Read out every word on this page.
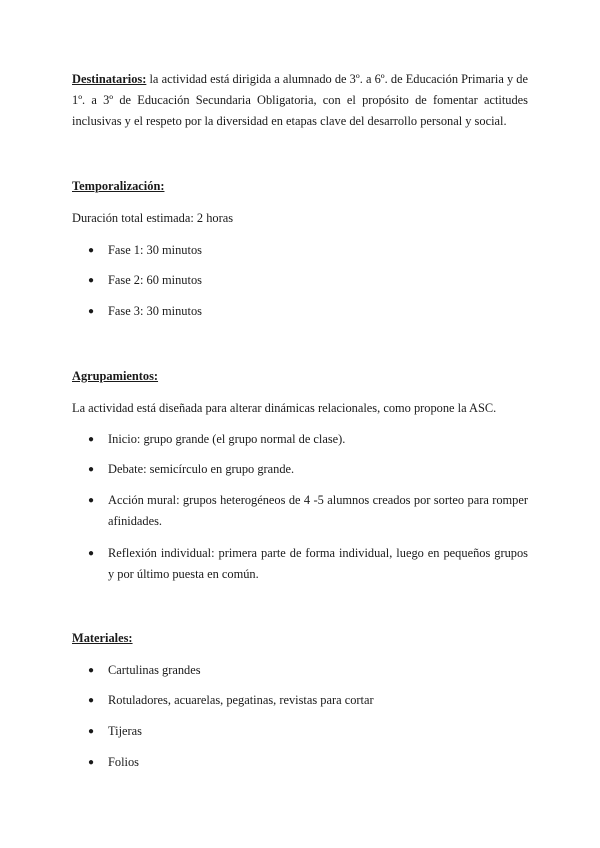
Destinatarios: la actividad está dirigida a alumnado de 3º. a 6º. de Educación Primaria y de 1º. a 3º de Educación Secundaria Obligatoria, con el propósito de fomentar actitudes inclusivas y el respeto por la diversidad en etapas clave del desarrollo personal y social.

Temporalización:

Duración total estimada: 2 horas

● Fase 1: 30 minutos
● Fase 2: 60 minutos
● Fase 3: 30 minutos

Agrupamientos:

La actividad está diseñada para alterar dinámicas relacionales, como propone la ASC.

● Inicio: grupo grande (el grupo normal de clase).
● Debate: semicírculo en grupo grande.
● Acción mural: grupos heterogéneos de 4 -5 alumnos creados por sorteo para romper afinidades.
● Reflexión individual: primera parte de forma individual, luego en pequeños grupos y por último puesta en común.

Materiales:

● Cartulinas grandes
● Rotuladores, acuarelas, pegatinas, revistas para cortar
● Tijeras
● Folios
